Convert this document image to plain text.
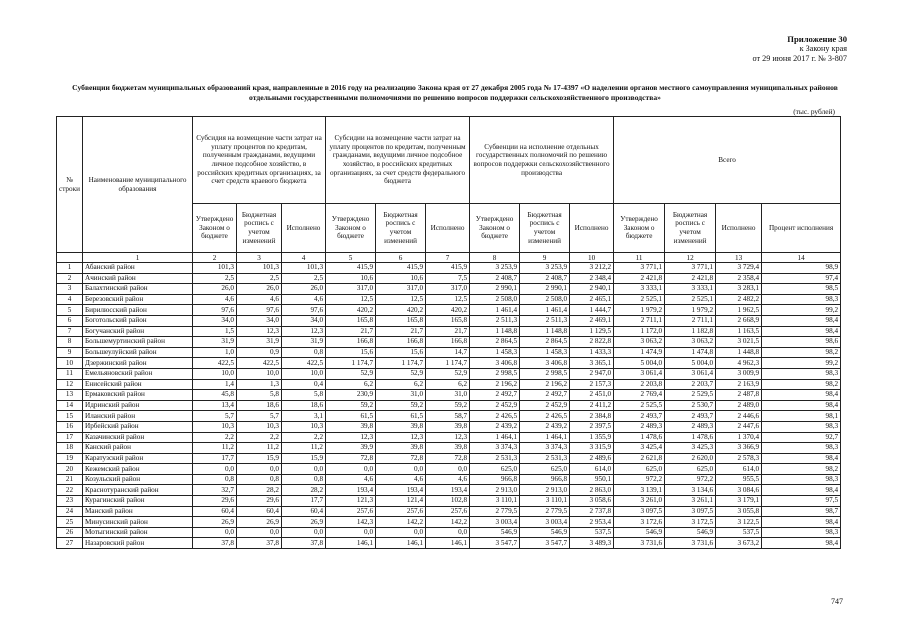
Приложение 30
к Закону края
от 29 июня 2017 г. № 3-807
Субвенции бюджетам муниципальных образований края, направленные в 2016 году на реализацию Закона края от 27 декабря 2005 года № 17-4397 «О наделении органов местного самоуправления муниципальных районов отдельными государственными полномочиями по решению вопросов поддержки сельскохозяйственного производства»
(тыс. рублей)
№ строки	Наименование муниципального образования	Субсидия на возмещение части затрат на уплату процентов по кредитам, полученным гражданами, ведущими личное подсобное хозяйство, в российских кредитных организациях, за счет средств краевого бюджета			Субсидии на возмещение части затрат на уплату процентов по кредитам, полученным гражданами, ведущими личное подсобное хозяйство, в российских кредитных организациях, за счет средств федерального бюджета			Субвенции на исполнение отдельных государственных полномочий по решению вопросов поддержки сельскохозяйственного производства			Всего			
		Утверждено Законом о бюджете	Бюджетная роспись с учетом изменений	Исполнено	Утверждено Законом о бюджете	Бюджетная роспись с учетом изменений	Исполнено	Утверждено Законом о бюджете	Бюджетная роспись с учетом изменений	Исполнено	Утверждено Законом о бюджете	Бюджетная роспись с учетом изменений	Исполнено	Процент исполнения
	1	2	3	4	5	6	7	8	9	10	11	12	13	14
1	Абанский район	101,3	101,3	101,3	415,9	415,9	415,9	3 253,9	3 253,9	3 212,2	3 771,1	3 771,1	3 729,4	98,9
2	Ачинский район	2,5	2,5	2,5	10,6	10,6	7,5	2 408,7	2 408,7	2 348,4	2 421,8	2 421,8	2 358,4	97,4
3	Балахтинский район	26,0	26,0	26,0	317,0	317,0	317,0	2 990,1	2 990,1	2 940,1	3 333,1	3 333,1	3 283,1	98,5
4	Березовский район	4,6	4,6	4,6	12,5	12,5	12,5	2 508,0	2 508,0	2 465,1	2 525,1	2 525,1	2 482,2	98,3
5	Бирилюсский район	97,6	97,6	97,6	420,2	420,2	420,2	1 461,4	1 461,4	1 444,7	1 979,2	1 979,2	1 962,5	99,2
6	Боготольский район	34,0	34,0	34,0	165,8	165,8	165,8	2 511,3	2 511,3	2 469,1	2 711,1	2 711,1	2 668,9	98,4
7	Богучанский район	1,5	12,3	12,3	21,7	21,7	21,7	1 148,8	1 148,8	1 129,5	1 172,0	1 182,8	1 163,5	98,4
8	Большемуртинский район	31,9	31,9	31,9	166,8	166,8	166,8	2 864,5	2 864,5	2 822,8	3 063,2	3 063,2	3 021,5	98,6
9	Большеулуйский район	1,0	0,9	0,8	15,6	15,6	14,7	1 458,3	1 458,3	1 433,3	1 474,9	1 474,8	1 448,8	98,2
10	Дзержинский район	422,5	422,5	422,5	1 174,7	1 174,7	1 174,7	3 406,8	3 406,8	3 365,1	5 004,0	5 004,0	4 962,3	99,2
11	Емельяновский район	10,0	10,0	10,0	52,9	52,9	52,9	2 998,5	2 998,5	2 947,0	3 061,4	3 061,4	3 009,9	98,3
12	Енисейский район	1,4	1,3	0,4	6,2	6,2	6,2	2 196,2	2 196,2	2 157,3	2 203,8	2 203,7	2 163,9	98,2
13	Ермаковский район	45,8	5,8	5,8	230,9	31,0	31,0	2 492,7	2 492,7	2 451,0	2 769,4	2 529,5	2 487,8	98,4
14	Идринский район	13,4	18,6	18,6	59,2	59,2	59,2	2 452,9	2 452,9	2 411,2	2 525,5	2 530,7	2 489,0	98,4
15	Иланский район	5,7	5,7	3,1	61,5	61,5	58,7	2 426,5	2 426,5	2 384,8	2 493,7	2 493,7	2 446,6	98,1
16	Ирбейский район	10,3	10,3	10,3	39,8	39,8	39,8	2 439,2	2 439,2	2 397,5	2 489,3	2 489,3	2 447,6	98,3
17	Казачинский район	2,2	2,2	2,2	12,3	12,3	12,3	1 464,1	1 464,1	1 355,9	1 478,6	1 478,6	1 370,4	92,7
18	Канский район	11,2	11,2	11,2	39,9	39,8	39,8	3 374,3	3 374,3	3 315,9	3 425,4	3 425,3	3 366,9	98,3
19	Каратузский район	17,7	15,9	15,9	72,8	72,8	72,8	2 531,3	2 531,3	2 489,6	2 621,8	2 620,0	2 578,3	98,4
20	Кежемский район	0,0	0,0	0,0	0,0	0,0	0,0	625,0	625,0	614,0	625,0	625,0	614,0	98,2
21	Козульский район	0,8	0,8	0,8	4,6	4,6	4,6	966,8	966,8	950,1	972,2	972,2	955,5	98,3
22	Краснотуранский район	32,7	28,2	28,2	193,4	193,4	193,4	2 913,0	2 913,0	2 863,0	3 139,1	3 134,6	3 084,6	98,4
23	Курагинский район	29,6	29,6	17,7	121,3	121,4	102,8	3 110,1	3 110,1	3 058,6	3 261,0	3 261,1	3 179,1	97,5
24	Манский район	60,4	60,4	60,4	257,6	257,6	257,6	2 779,5	2 779,5	2 737,8	3 097,5	3 097,5	3 055,8	98,7
25	Минусинский район	26,9	26,9	26,9	142,3	142,2	142,2	3 003,4	3 003,4	2 953,4	3 172,6	3 172,5	3 122,5	98,4
26	Мотыгинский район	0,0	0,0	0,0	0,0	0,0	0,0	546,9	546,9	537,5	546,9	546,9	537,5	98,3
27	Назаровский район	37,8	37,8	37,8	146,1	146,1	146,1	3 547,7	3 547,7	3 489,3	3 731,6	3 731,6	3 673,2	98,4
747
